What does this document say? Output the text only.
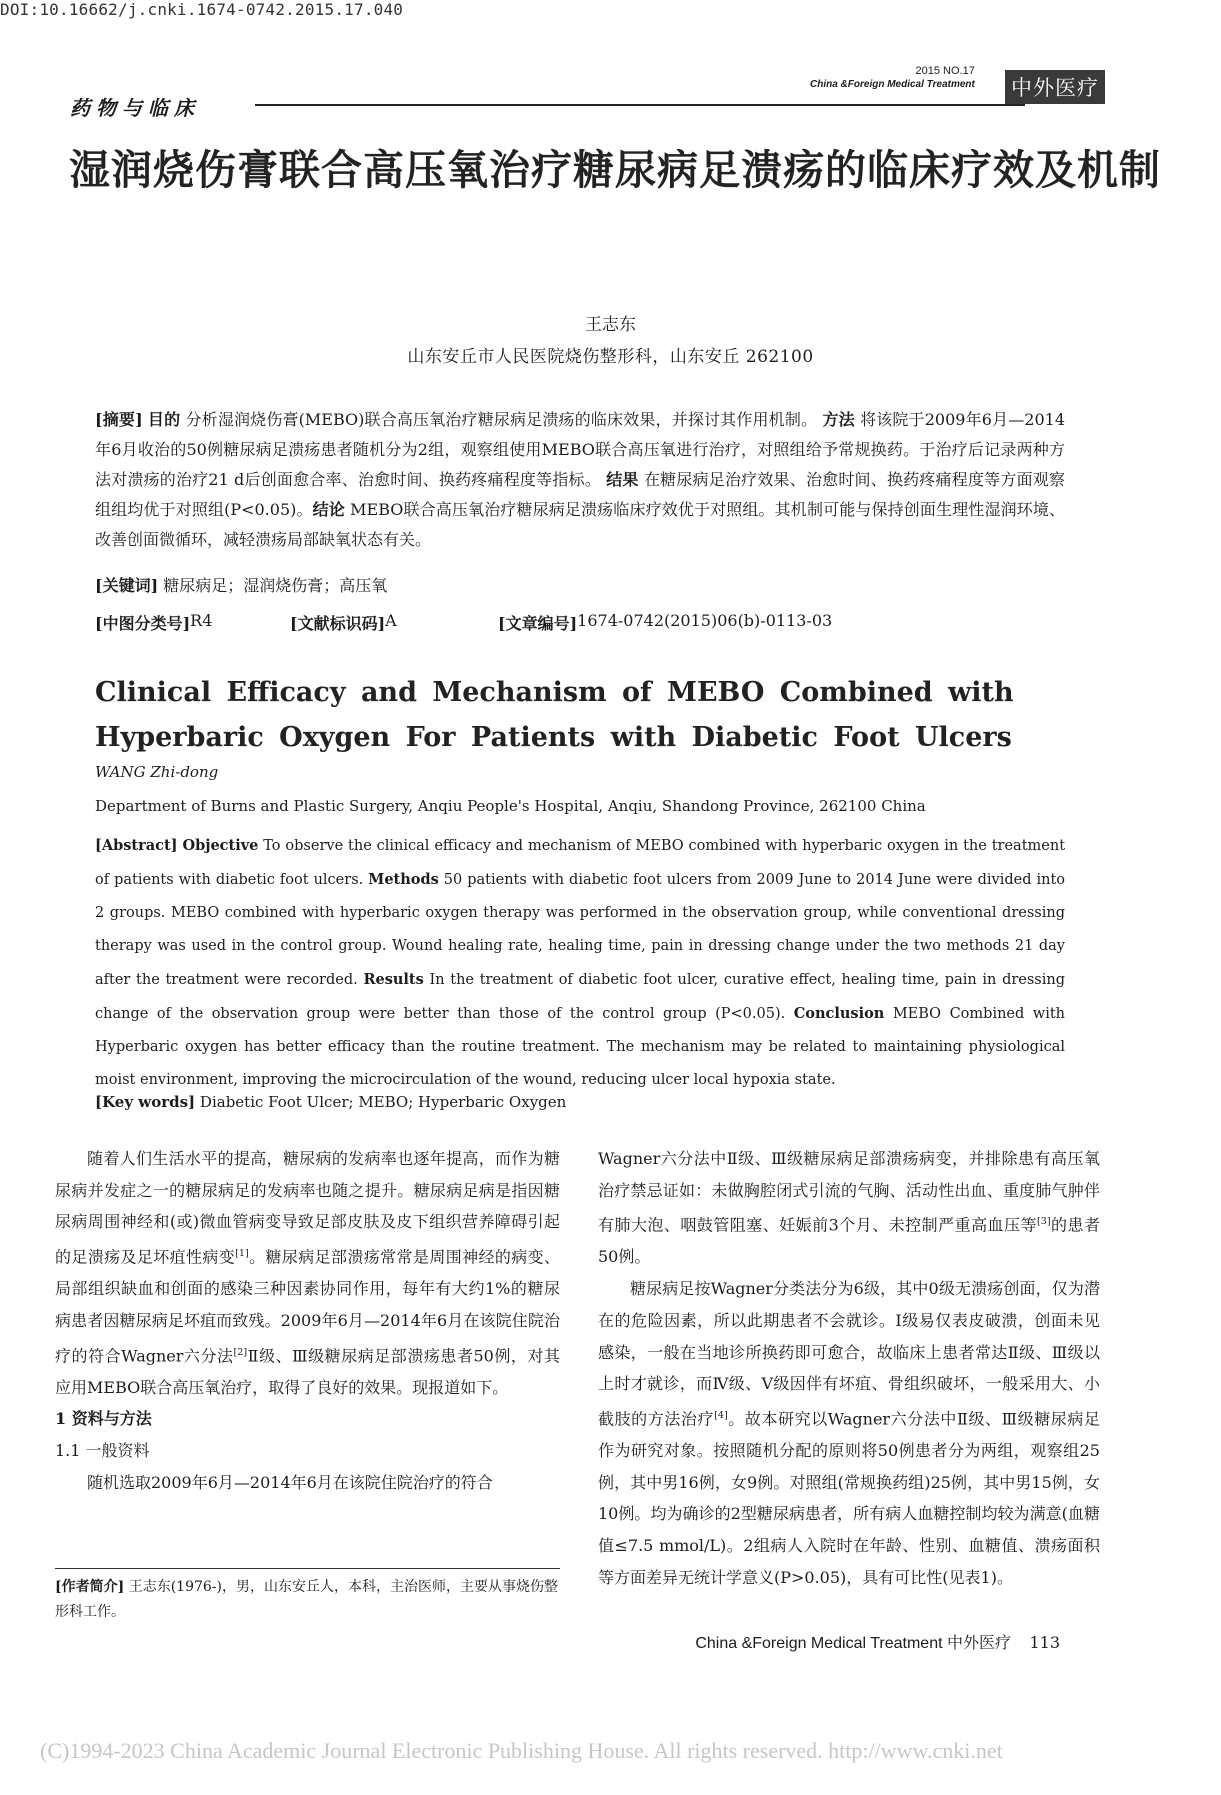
DOI:10.16662/j.cnki.1674-0742.2015.17.040
药物与临床
2015 NO.17
China &Foreign Medical Treatment 中外医疗
湿润烧伤膏联合高压氧治疗糖尿病足溃疡的临床疗效及机制
王志东
山东安丘市人民医院烧伤整形科，山东安丘 262100
[摘要] 目的 分析湿润烧伤膏(MEBO)联合高压氧治疗糖尿病足溃疡的临床效果，并探讨其作用机制。 方法 将该院于2009年6月—2014年6月收治的50例糖尿病足溃疡患者随机分为2组，观察组使用MEBO联合高压氧进行治疗，对照组给予常规换药。于治疗后记录两种方法对溃疡的治疗21 d后创面愈合率、治愈时间、换药疼痛程度等指标。 结果 在糖尿病足治疗效果、治愈时间、换药疼痛程度等方面观察组组均优于对照组(P<0.05)。结论 MEBO联合高压氧治疗糖尿病足溃疡临床疗效优于对照组。其机制可能与保持创面生理性湿润环境、改善创面微循环，减轻溃疡局部缺氧状态有关。
[关键词] 糖尿病足；湿润烧伤膏；高压氧
[中图分类号] R4	[文献标识码] A	[文章编号] 1674-0742(2015)06(b)-0113-03
Clinical Efficacy and Mechanism of MEBO Combined with Hyperbaric Oxygen For Patients with Diabetic Foot Ulcers
WANG Zhi-dong
Department of Burns and Plastic Surgery, Anqiu People's Hospital, Anqiu, Shandong Province, 262100 China
[Abstract] Objective To observe the clinical efficacy and mechanism of MEBO combined with hyperbaric oxygen in the treatment of patients with diabetic foot ulcers. Methods 50 patients with diabetic foot ulcers from 2009 June to 2014 June were divided into 2 groups. MEBO combined with hyperbaric oxygen therapy was performed in the observation group, while conventional dressing therapy was used in the control group. Wound healing rate, healing time, pain in dressing change under the two methods 21 day after the treatment were recorded. Results In the treatment of diabetic foot ulcer, curative effect, healing time, pain in dressing change of the observation group were better than those of the control group (P<0.05). Conclusion MEBO Combined with Hyperbaric oxygen has better efficacy than the routine treatment. The mechanism may be related to maintaining physiological moist environment, improving the microcirculation of the wound, reducing ulcer local hypoxia state.
[Key words] Diabetic Foot Ulcer; MEBO; Hyperbaric Oxygen

随着人们生活水平的提高，糖尿病的发病率也逐年提高，而作为糖尿病并发症之一的糖尿病足的发病率也随之提升。糖尿病足病是指因糖尿病周围神经和(或)微血管病变导致足部皮肤及皮下组织营养障碍引起的足溃疡及足坏疽性病变[1]。糖尿病足部溃疡常常是周围神经的病变、局部组织缺血和创面的感染三种因素协同作用，每年有大约1%的糖尿病患者因糖尿病足坏疽而致残。2009年6月—2014年6月在该院住院治疗的符合Wagner六分法[2]Ⅱ级、Ⅲ级糖尿病足部溃疡患者50例，对其应用MEBO联合高压氧治疗，取得了良好的效果。现报道如下。

1 资料与方法

1.1 一般资料

随机选取2009年6月—2014年6月在该院住院治疗的符合

Wagner六分法中Ⅱ级、Ⅲ级糖尿病足部溃疡病变，并排除患有高压氧治疗禁忌证如：未做胸腔闭式引流的气胸、活动性出血、重度肺气肿伴有肺大泡、咽鼓管阻塞、妊娠前3个月、未控制严重高血压等[3]的患者50例。

糖尿病足按Wagner分类法分为6级，其中0级无溃疡创面，仅为潜在的危险因素，所以此期患者不会就诊。Ⅰ级易仅表皮破溃，创面未见感染，一般在当地诊所换药即可愈合，故临床上患者常达Ⅱ级、Ⅲ级以上时才就诊，而Ⅳ级、Ⅴ级因伴有坏疽、骨组织破坏，一般采用大、小截肢的方法治疗[4]。故本研究以Wagner六分法中Ⅱ级、Ⅲ级糖尿病足作为研究对象。按照随机分配的原则将50例患者分为两组，观察组25例，其中男16例，女9例。对照组(常规换药组)25例，其中男15例，女10例。均为确诊的2型糖尿病患者，所有病人血糖控制均较为满意(血糖值≤7.5 mmol/L)。2组病人入院时在年龄、性别、血糖值、溃疡面积等方面差异无统计学意义(P>0.05)，具有可比性(见表1)。

[作者简介] 王志东(1976-)，男，山东安丘人，本科，主治医师，主要从事烧伤整形科工作。
China &Foreign Medical Treatment 中外医疗 113
(C)1994-2023 China Academic Journal Electronic Publishing House. All rights reserved. http://www.cnki.net
